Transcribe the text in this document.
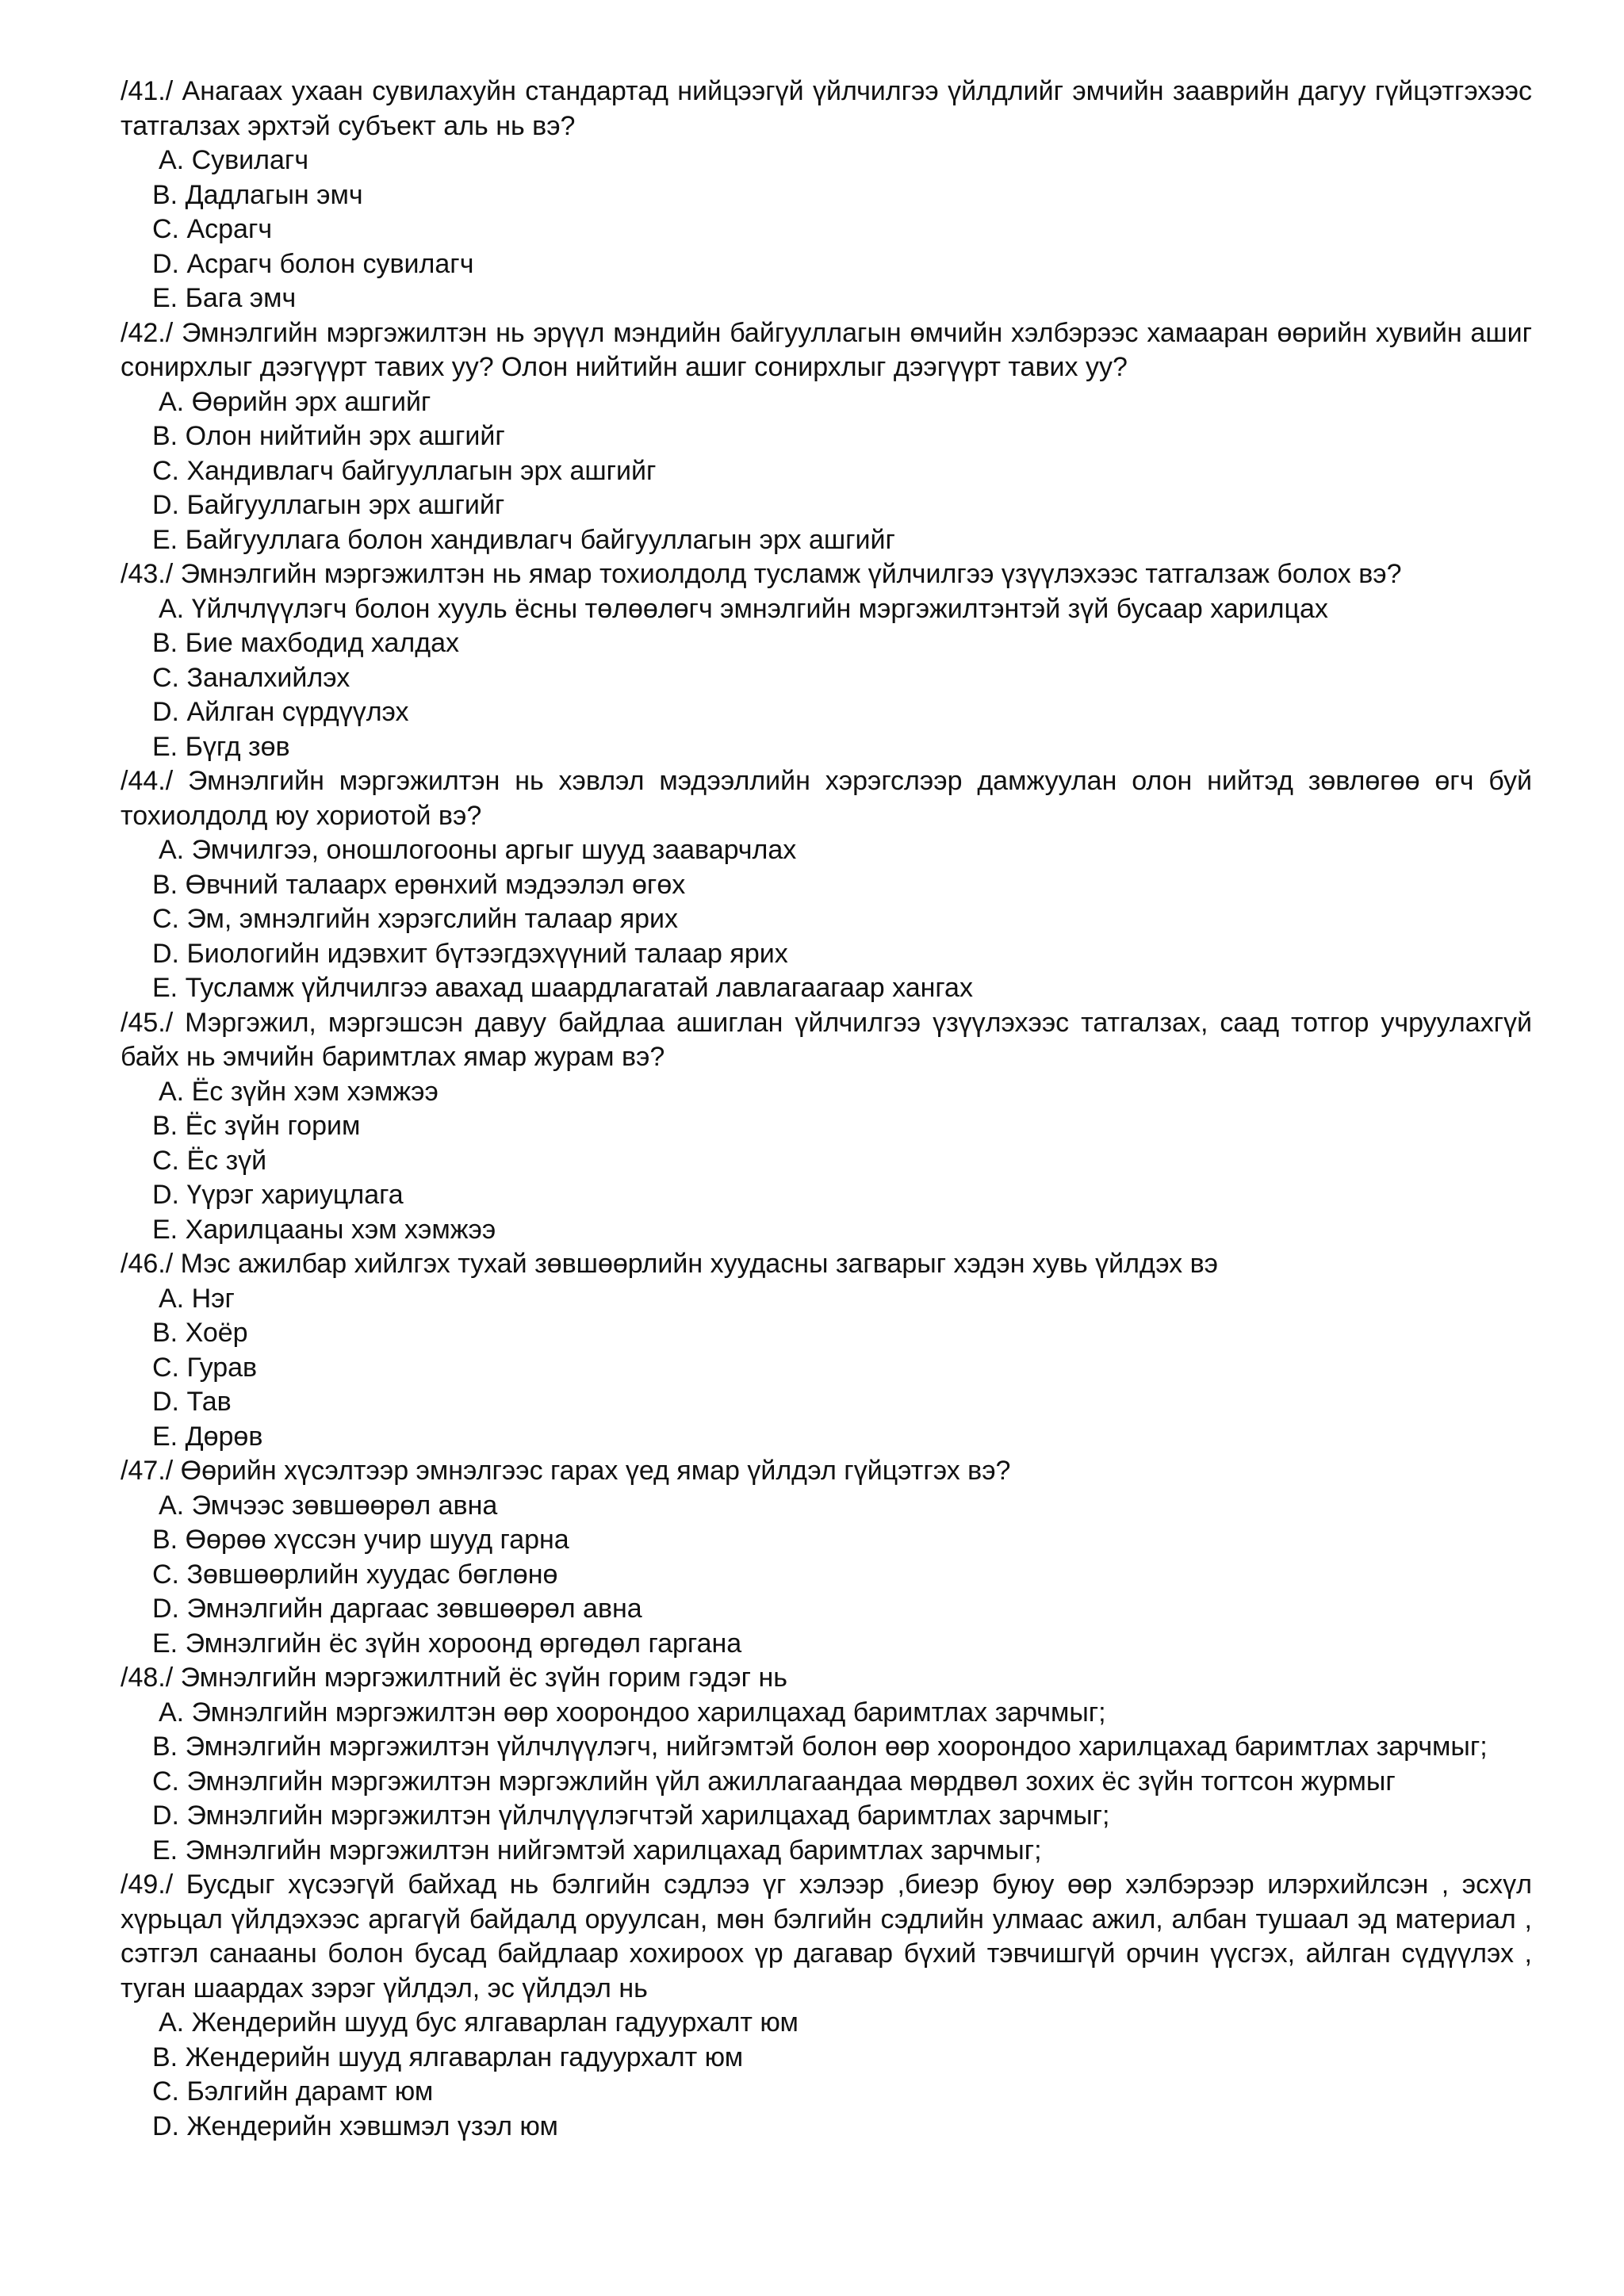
/41./ Анагаах ухаан сувилахуйн стандартад нийцээгүй үйлчилгээ үйлдлийг эмчийн зааврийн дагуу гүйцэтгэхээс татгалзах эрхтэй субъект аль нь вэ?
A. Сувилагч
B. Дадлагын эмч
C. Асрагч
D. Асрагч болон сувилагч
E. Бага эмч
/42./ Эмнэлгийн мэргэжилтэн нь эрүүл мэндийн байгууллагын өмчийн хэлбэрээс хамааран өөрийн хувийн ашиг сонирхлыг дээгүүрт тавих уу? Олон нийтийн ашиг сонирхлыг дээгүүрт тавих уу?
A. Өөрийн эрх ашгийг
B. Олон нийтийн эрх ашгийг
C. Хандивлагч байгууллагын эрх ашгийг
D. Байгууллагын эрх ашгийг
E. Байгууллага болон хандивлагч байгууллагын эрх ашгийг
/43./ Эмнэлгийн мэргэжилтэн нь ямар тохиолдолд тусламж үйлчилгээ үзүүлэхээс татгалзаж болох вэ?
A. Үйлчлүүлэгч болон хууль ёсны төлөөлөгч эмнэлгийн мэргэжилтэнтэй зүй бусаар харилцах
B. Бие махбодид халдах
C. Заналхийлэх
D. Айлган сүрдүүлэх
E. Бүгд зөв
/44./ Эмнэлгийн мэргэжилтэн нь хэвлэл мэдээллийн хэрэгслээр дамжуулан олон нийтэд зөвлөгөө өгч буй тохиолдолд юу хориотой вэ?
A. Эмчилгээ, оношлогооны аргыг шууд зааварчлах
B. Өвчний талаарх ерөнхий мэдээлэл өгөх
C. Эм, эмнэлгийн хэрэгслийн талаар ярих
D. Биологийн идэвхит бүтээгдэхүүний талаар ярих
E. Тусламж үйлчилгээ авахад шаардлагатай лавлагаагаар хангах
/45./ Мэргэжил, мэргэшсэн давуу байдлаа ашиглан үйлчилгээ үзүүлэхээс татгалзах, саад тотгор учруулахгүй байх нь эмчийн баримтлах ямар журам вэ?
A. Ёс зүйн хэм хэмжээ
B. Ёс зүйн горим
C. Ёс зүй
D. Үүрэг хариуцлага
E. Харилцааны хэм хэмжээ
/46./ Мэс ажилбар хийлгэх тухай зөвшөөрлийн хуудасны загварыг хэдэн хувь үйлдэх вэ
A. Нэг
B. Хоёр
C. Гурав
D. Тав
E. Дөрөв
/47./ Өөрийн хүсэлтээр эмнэлгээс гарах үед ямар үйлдэл гүйцэтгэх вэ?
A. Эмчээс зөвшөөрөл авна
B. Өөрөө хүссэн учир шууд гарна
C. Зөвшөөрлийн хуудас бөглөнө
D. Эмнэлгийн даргаас зөвшөөрөл авна
E. Эмнэлгийн ёс зүйн хороонд өргөдөл гаргана
/48./ Эмнэлгийн мэргэжилтний ёс зүйн горим гэдэг нь
A. Эмнэлгийн мэргэжилтэн өөр хоорондоо харилцахад баримтлах зарчмыг;
B. Эмнэлгийн мэргэжилтэн үйлчлүүлэгч, нийгэмтэй болон өөр хоорондоо харилцахад баримтлах зарчмыг;
C. Эмнэлгийн мэргэжилтэн мэргэжлийн үйл ажиллагаандаа мөрдвөл зохих ёс зүйн тогтсон журмыг
D. Эмнэлгийн мэргэжилтэн үйлчлүүлэгчтэй харилцахад баримтлах зарчмыг;
E. Эмнэлгийн мэргэжилтэн нийгэмтэй харилцахад баримтлах зарчмыг;
/49./ Бусдыг хүсээгүй байхад нь бэлгийн сэдлээ үг хэлээр ,биеэр буюу өөр хэлбэрээр илэрхийлсэн , эсхүл хүрьцал үйлдэхээс аргагүй байдалд оруулсан, мөн бэлгийн сэдлийн улмаас ажил, албан тушаал эд материал , сэтгэл санааны болон бусад байдлаар хохироох үр дагавар бүхий тэвчишгүй орчин үүсгэх, айлган сүдүүлэх , туган шаардах зэрэг үйлдэл, эс үйлдэл нь
A. Жендерийн шууд бус ялгаварлан гадуурхалт юм
B. Жендерийн шууд ялгаварлан гадуурхалт юм
C. Бэлгийн дарамт юм
D. Жендерийн хэвшмэл үзэл юм
